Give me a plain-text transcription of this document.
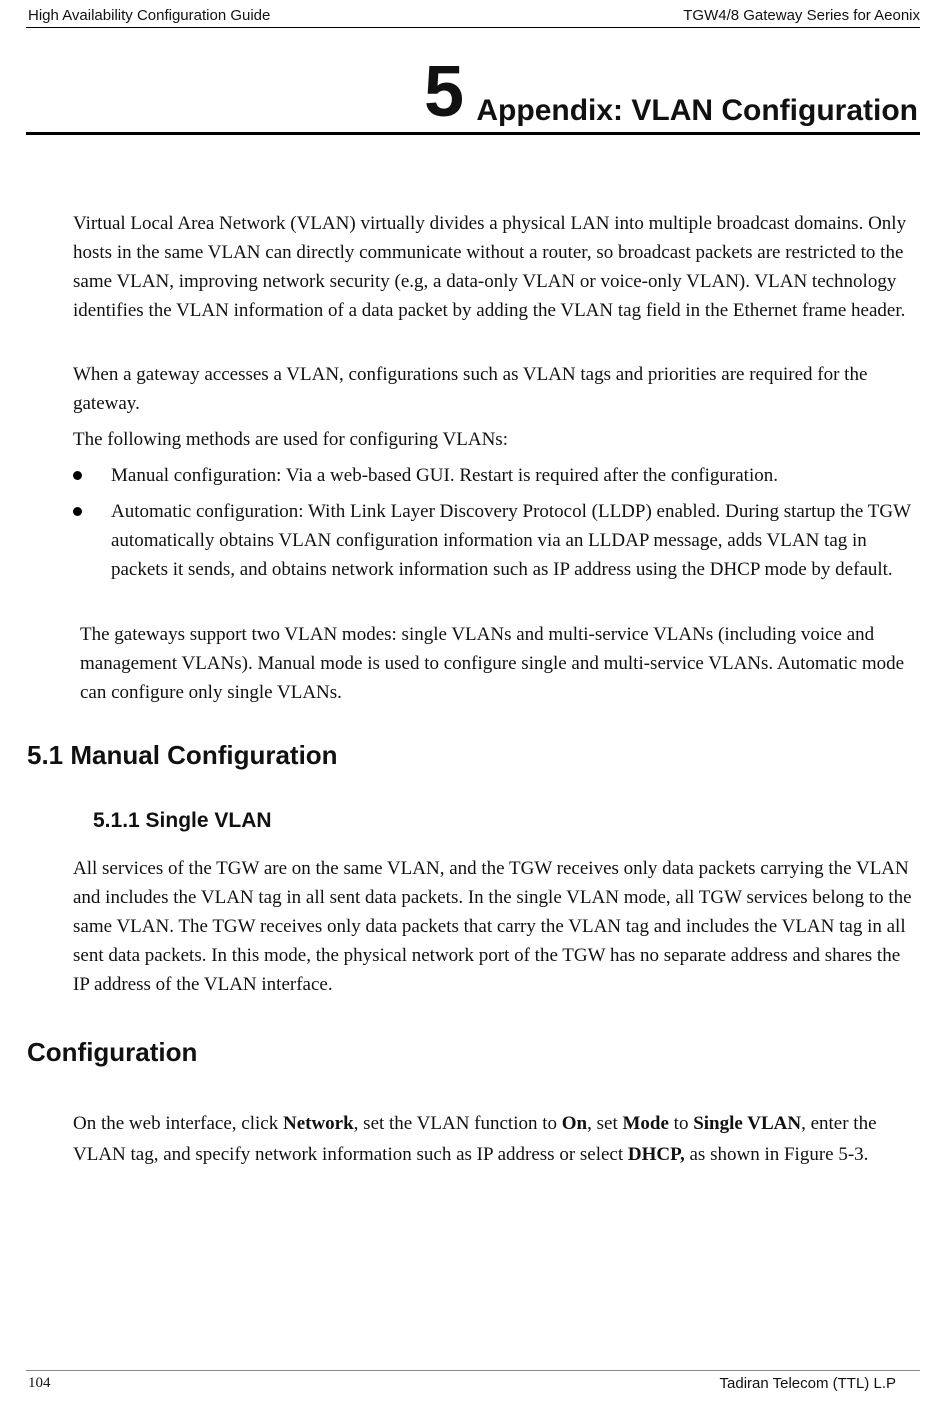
High Availability Configuration Guide	TGW4/8 Gateway Series for Aeonix
5 Appendix: VLAN Configuration

Virtual Local Area Network (VLAN) virtually divides a physical LAN into multiple broadcast domains. Only hosts in the same VLAN can directly communicate without a router, so broadcast packets are restricted to the same VLAN, improving network security (e.g, a data-only VLAN or voice-only VLAN). VLAN technology identifies the VLAN information of a data packet by adding the VLAN tag field in the Ethernet frame header.

When a gateway accesses a VLAN, configurations such as VLAN tags and priorities are required for the gateway.

The following methods are used for configuring VLANs:

Manual configuration: Via a web-based GUI. Restart is required after the configuration.
Automatic configuration: With Link Layer Discovery Protocol (LLDP) enabled. During startup the TGW automatically obtains VLAN configuration information via an LLDAP message, adds VLAN tag in packets it sends, and obtains network information such as IP address using the DHCP mode by default.

The gateways support two VLAN modes: single VLANs and multi-service VLANs (including voice and management VLANs). Manual mode is used to configure single and multi-service VLANs. Automatic mode can configure only single VLANs.

5.1 Manual Configuration
5.1.1 Single VLAN

All services of the TGW are on the same VLAN, and the TGW receives only data packets carrying the VLAN and includes the VLAN tag in all sent data packets. In the single VLAN mode, all TGW services belong to the same VLAN. The TGW receives only data packets that carry the VLAN tag and includes the VLAN tag in all sent data packets. In this mode, the physical network port of the TGW has no separate address and shares the IP address of the VLAN interface.

Configuration

On the web interface, click Network, set the VLAN function to On, set Mode to Single VLAN, enter the VLAN tag, and specify network information such as IP address or select DHCP, as shown in Figure 5-3.

104	Tadiran Telecom (TTL) L.P
